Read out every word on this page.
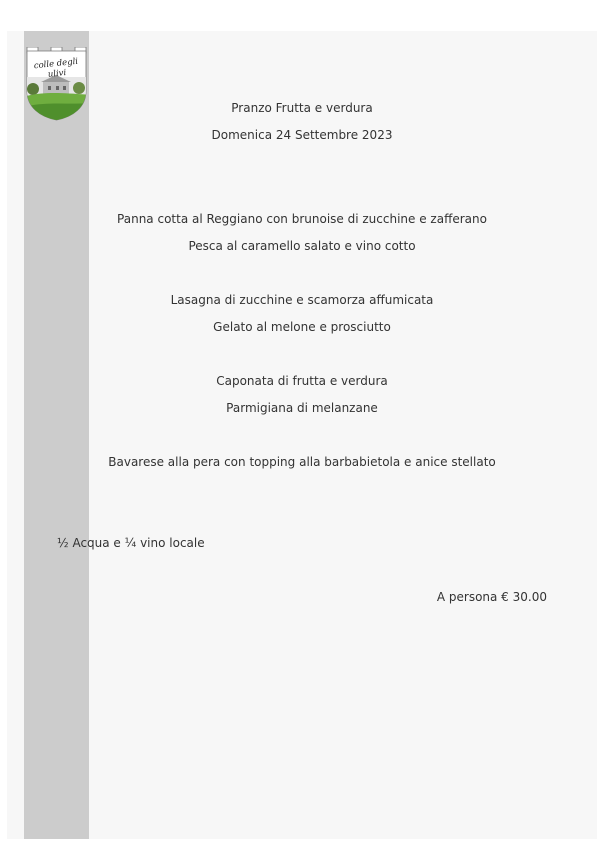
colle degli ulivi
Pranzo Frutta e verdura
Domenica 24 Settembre 2023
Panna cotta al Reggiano con brunoise di zucchine e zafferano
Pesca al caramello salato e vino cotto
Lasagna di zucchine e scamorza affumicata
Gelato al melone e prosciutto
Caponata di frutta e verdura
Parmigiana di melanzane
Bavarese alla pera con topping alla barbabietola e anice stellato
½ Acqua e ¼ vino locale
A persona € 30.00
